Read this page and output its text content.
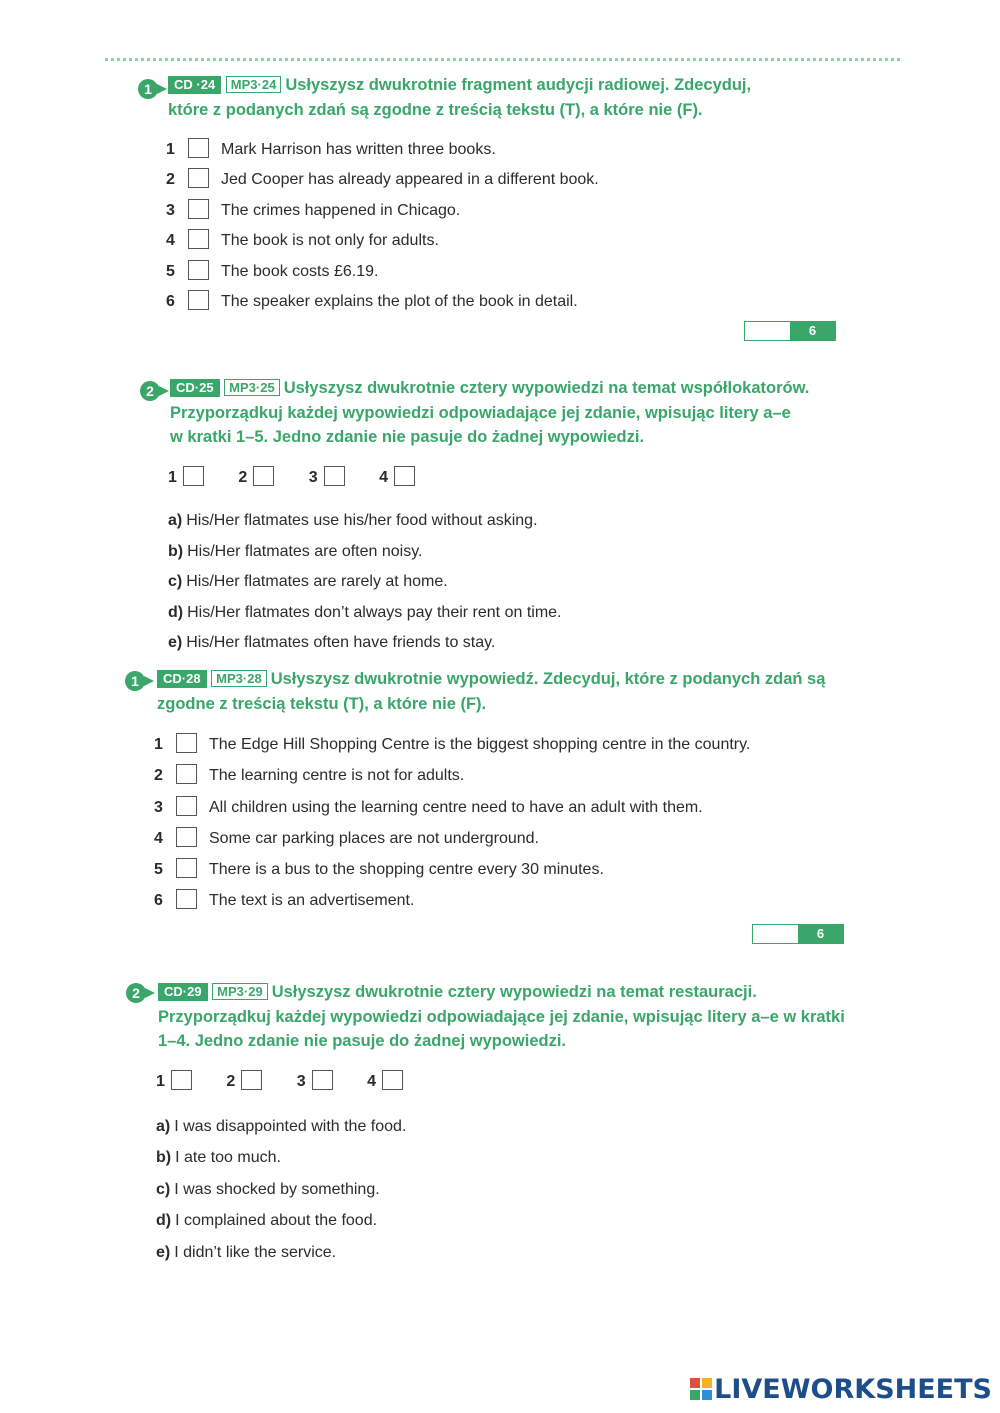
1	CD ·24 MP3·24 Usłyszysz dwukrotnie fragment audycji radiowej. Zdecyduj,
które z podanych zdań są zgodne z treścią tekstu (T), a które nie (F).
1	Mark Harrison has written three books.
2	Jed Cooper has already appeared in a different book.
3	The crimes happened in Chicago.
4	The book is not only for adults.
5	The book costs £6.19.
6	The speaker explains the plot of the book in detail.
6
2	CD·25 MP3·25 Usłyszysz dwukrotnie cztery wypowiedzi na temat współlokatorów.
Przyporządkuj każdej wypowiedzi odpowiadające jej zdanie, wpisując litery a–e
w kratki 1–5. Jedno zdanie nie pasuje do żadnej wypowiedzi.
1	2	3	4
a) His/Her flatmates use his/her food without asking.
b) His/Her flatmates are often noisy.
c) His/Her flatmates are rarely at home.
d) His/Her flatmates don’t always pay their rent on time.
e) His/Her flatmates often have friends to stay.
1	CD·28 MP3·28 Usłyszysz dwukrotnie wypowiedź. Zdecyduj, które z podanych zdań są
zgodne z treścią tekstu (T), a które nie (F).
1	The Edge Hill Shopping Centre is the biggest shopping centre in the country.
2	The learning centre is not for adults.
3	All children using the learning centre need to have an adult with them.
4	Some car parking places are not underground.
5	There is a bus to the shopping centre every 30 minutes.
6	The text is an advertisement.
6
2	CD·29 MP3·29 Usłyszysz dwukrotnie cztery wypowiedzi na temat restauracji.
Przyporządkuj każdej wypowiedzi odpowiadające jej zdanie, wpisując litery a–e w kratki
1–4. Jedno zdanie nie pasuje do żadnej wypowiedzi.
1	2	3	4
a) I was disappointed with the food.
b) I ate too much.
c) I was shocked by something.
d) I complained about the food.
e) I didn’t like the service.
LIVEWORKSHEETS
